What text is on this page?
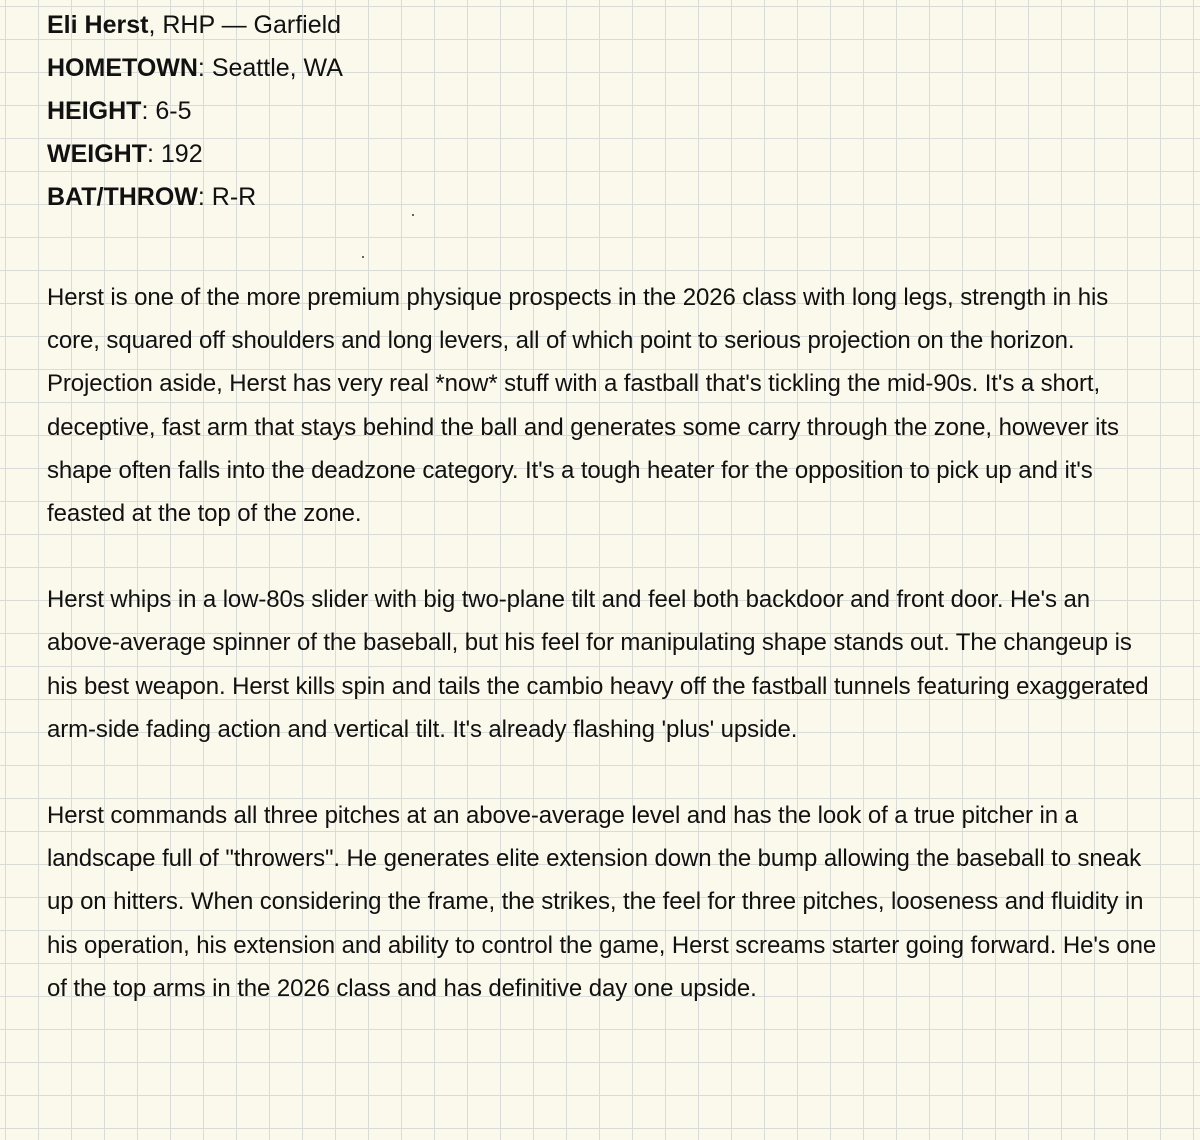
Eli Herst, RHP — Garfield
HOMETOWN: Seattle, WA
HEIGHT: 6-5
WEIGHT: 192
BAT/THROW: R-R

Herst is one of the more premium physique prospects in the 2026 class with long legs, strength in his core, squared off shoulders and long levers, all of which point to serious projection on the horizon. Projection aside, Herst has very real *now* stuff with a fastball that's tickling the mid-90s. It's a short, deceptive, fast arm that stays behind the ball and generates some carry through the zone, however its shape often falls into the deadzone category. It's a tough heater for the opposition to pick up and it's feasted at the top of the zone.

Herst whips in a low-80s slider with big two-plane tilt and feel both backdoor and front door. He's an above-average spinner of the baseball, but his feel for manipulating shape stands out. The changeup is his best weapon. Herst kills spin and tails the cambio heavy off the fastball tunnels featuring exaggerated arm-side fading action and vertical tilt. It's already flashing 'plus' upside.

Herst commands all three pitches at an above-average level and has the look of a true pitcher in a landscape full of "throwers". He generates elite extension down the bump allowing the baseball to sneak up on hitters. When considering the frame, the strikes, the feel for three pitches, looseness and fluidity in his operation, his extension and ability to control the game, Herst screams starter going forward. He's one of the top arms in the 2026 class and has definitive day one upside.
